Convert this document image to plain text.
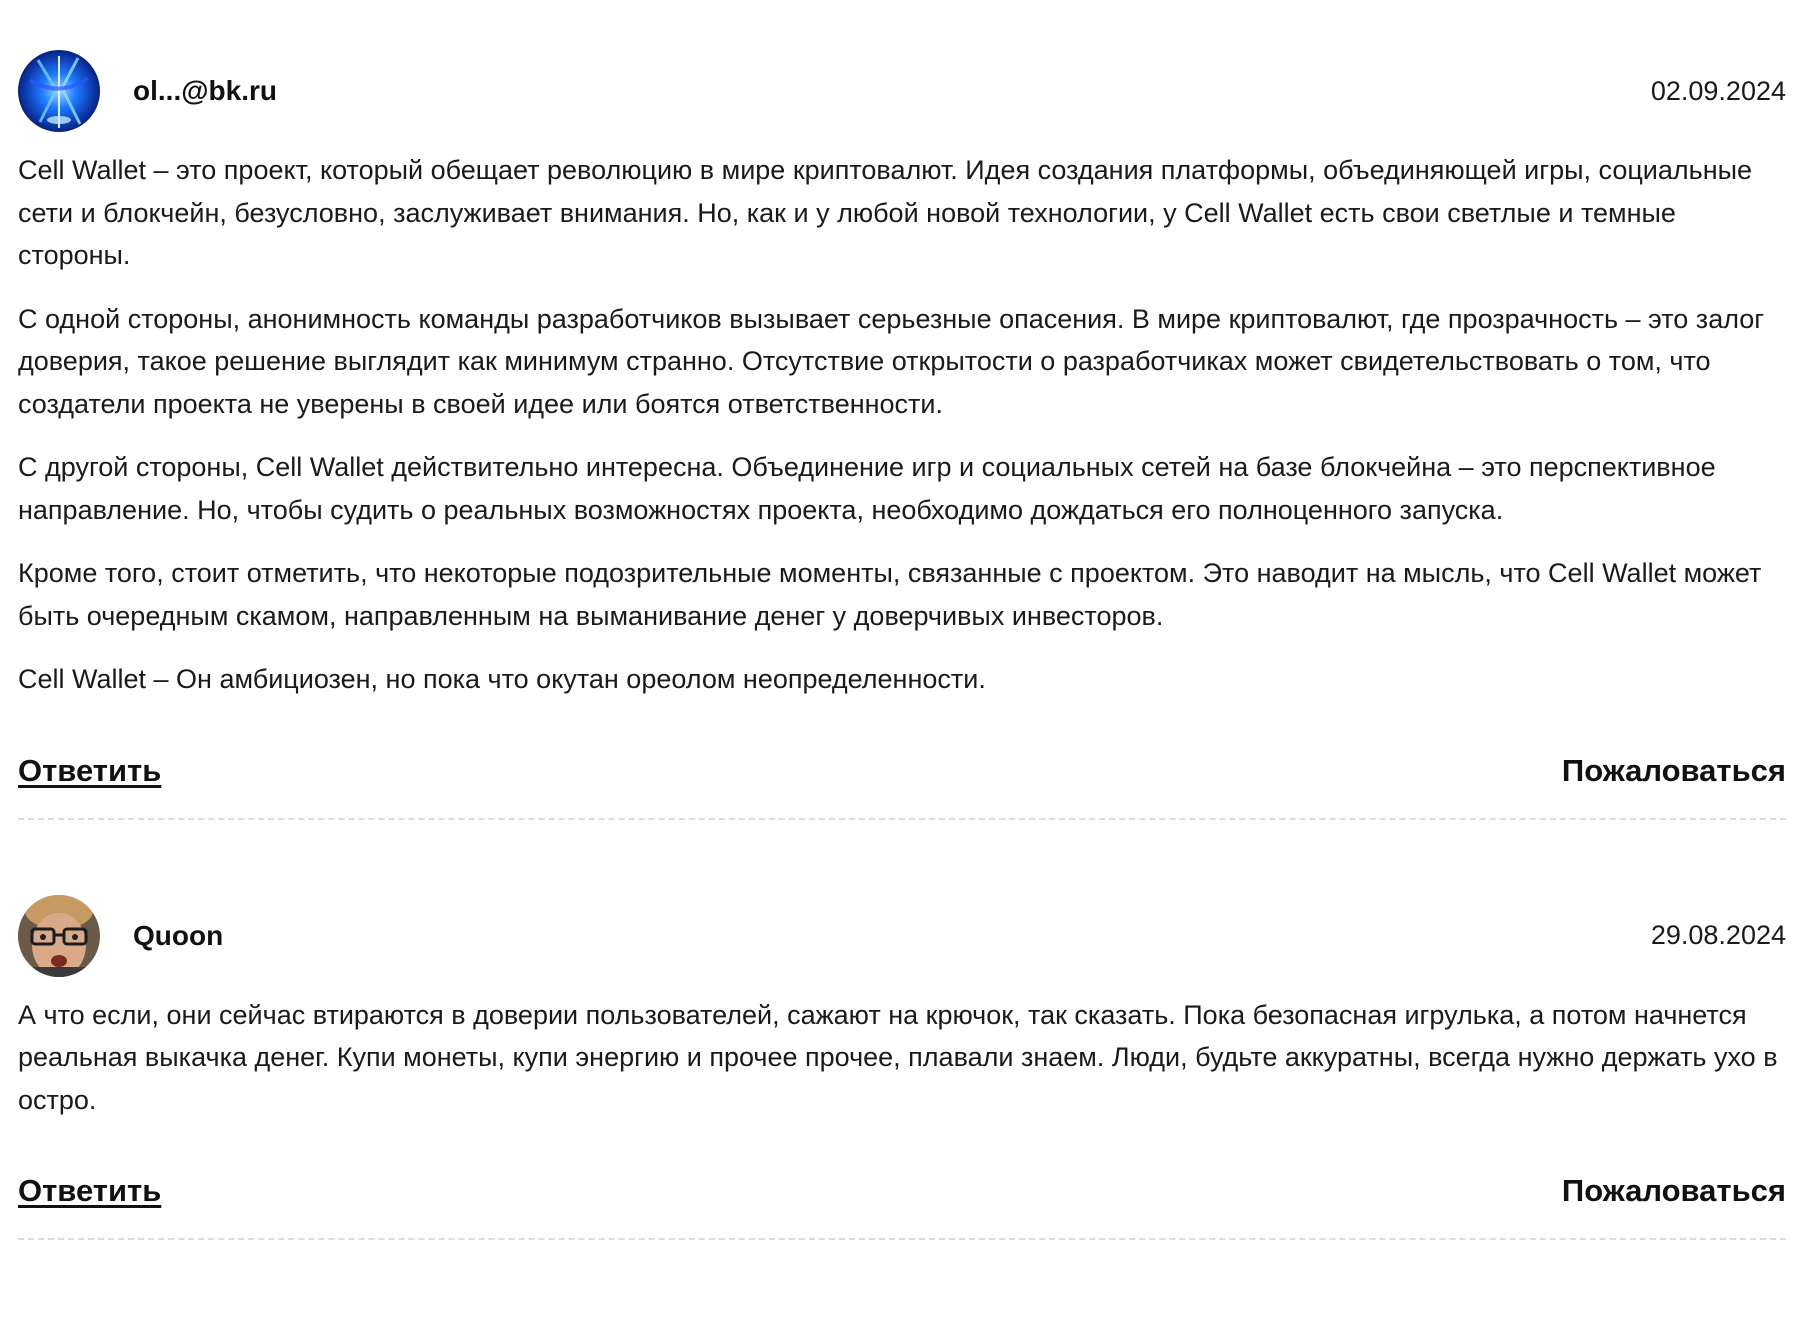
ol...@bk.ru	02.09.2024

Cell Wallet – это проект, который обещает революцию в мире криптовалют. Идея создания платформы, объединяющей игры, социальные сети и блокчейн, безусловно, заслуживает внимания. Но, как и у любой новой технологии, у Cell Wallet есть свои светлые и темные стороны.

С одной стороны, анонимность команды разработчиков вызывает серьезные опасения. В мире криптовалют, где прозрачность – это залог доверия, такое решение выглядит как минимум странно. Отсутствие открытости о разработчиках может свидетельствовать о том, что создатели проекта не уверены в своей идее или боятся ответственности.

С другой стороны, Cell Wallet действительно интересна. Объединение игр и социальных сетей на базе блокчейна – это перспективное направление. Но, чтобы судить о реальных возможностях проекта, необходимо дождаться его полноценного запуска.

Кроме того, стоит отметить, что некоторые подозрительные моменты, связанные с проектом. Это наводит на мысль, что Cell Wallet может быть очередным скамом, направленным на выманивание денег у доверчивых инвесторов.

Cell Wallet – Он амбициозен, но пока что окутан ореолом неопределенности.

Ответить	Пожаловаться
Quoon	29.08.2024

А что если, они сейчас втираются в доверии пользователей, сажают на крючок, так сказать. Пока безопасная игрулька, а потом начнется реальная выкачка денег. Купи монеты, купи энергию и прочее прочее, плавали знаем. Люди, будьте аккуратны, всегда нужно держать ухо в остро.

Ответить	Пожаловаться
